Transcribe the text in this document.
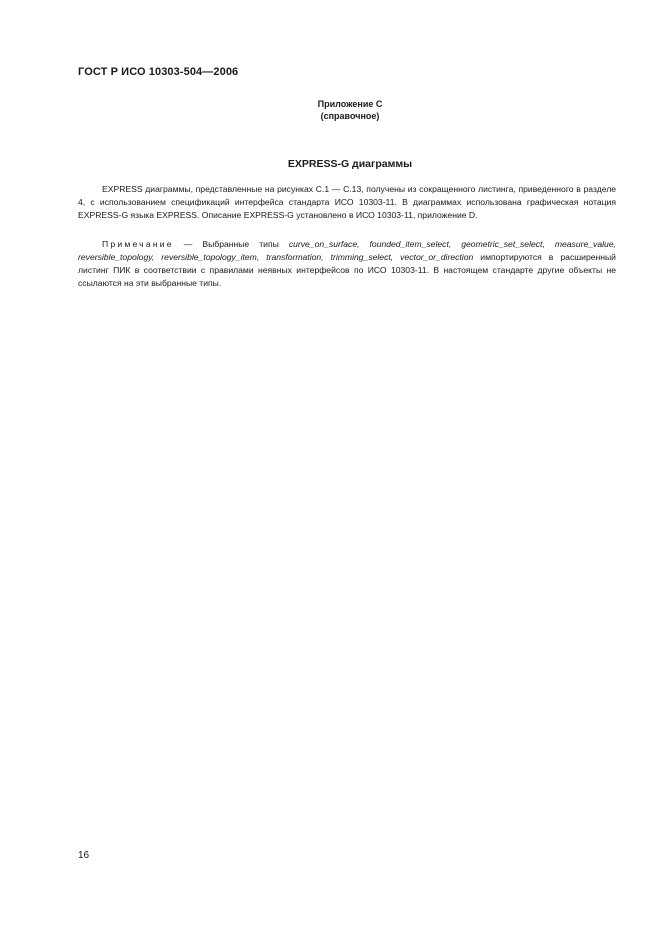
ГОСТ Р ИСО 10303-504—2006
Приложение С
(справочное)
EXPRESS-G диаграммы
EXPRESS диаграммы, представленные на рисунках С.1 — С.13, получены из сокращенного листинга, приведенного в разделе 4, с использованием спецификаций интерфейса стандарта ИСО 10303-11. В диаграммах использована графическая нотация EXPRESS-G языка EXPRESS. Описание EXPRESS-G установлено в ИСО 10303-11, приложение D.
Примечание — Выбранные типы curve_on_surface, founded_item_select, geometric_set_select, measure_value, reversible_topology, reversible_topology_item, transformation, trimming_select, vector_or_direction импортируются в расширенный листинг ПИК в соответствии с правилами неявных интерфейсов по ИСО 10303-11. В настоящем стандарте другие объекты не ссылаются на эти выбранные типы.
16
